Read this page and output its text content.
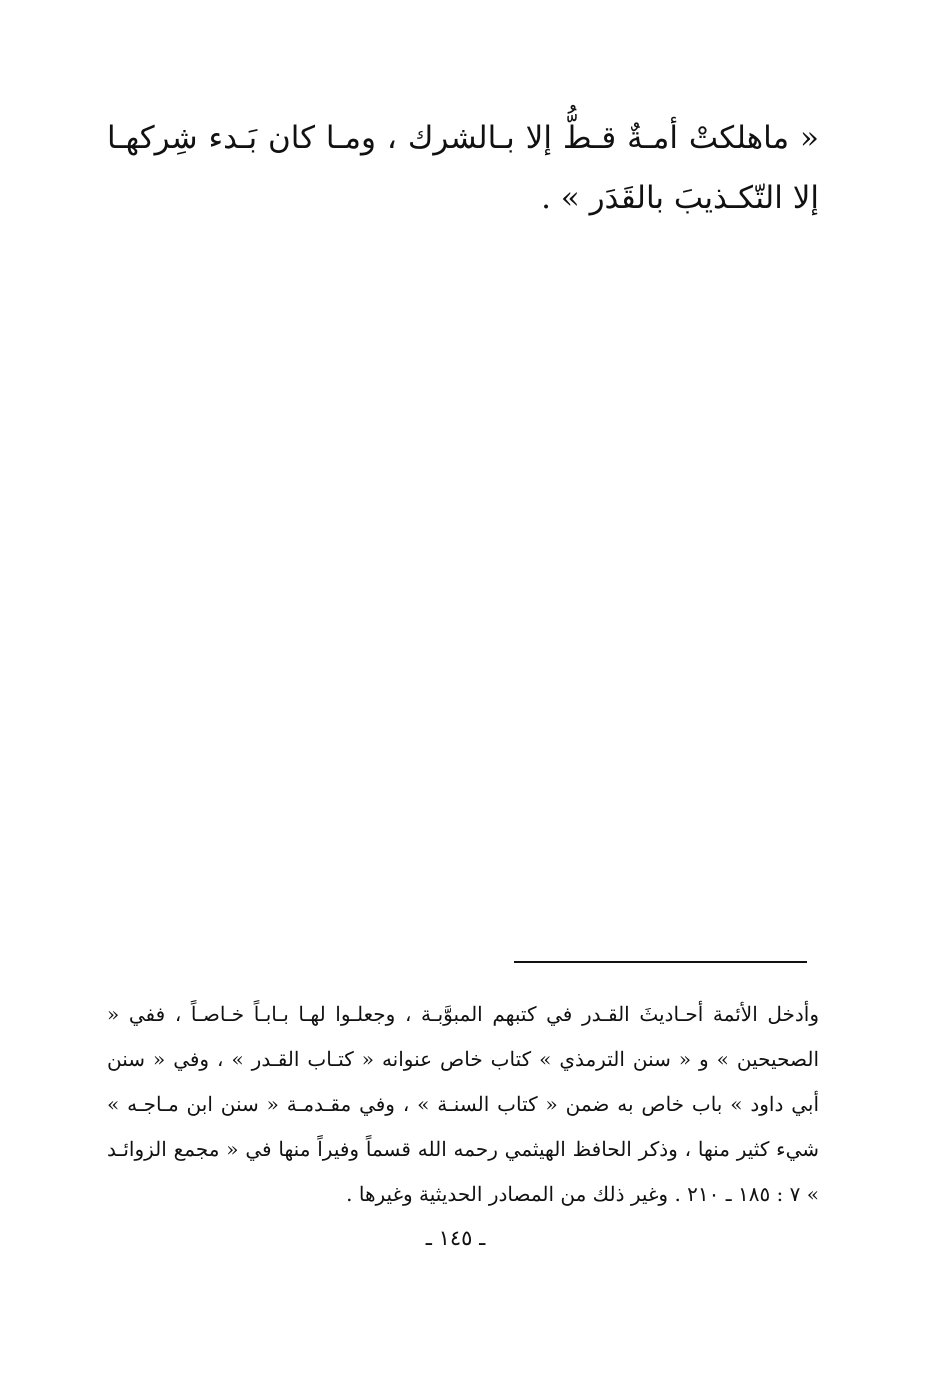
« ماهلكتْ أمـةٌ قـطُّ إلا بـالشرك ، ومـا كان بَـدء شِركهـا إلا التّكـذيبَ بالقَدَر » .

وأدخل الأئمة أحـاديثَ القـدر في كتبهم المبوَّبـة ، وجعلـوا لهـا بـابـاً خـاصـاً ، ففي « الصحيحين » و « سنن الترمذي » كتاب خاص عنوانه « كتـاب القـدر » ، وفي « سنن أبي داود » باب خاص به ضمن « كتاب السنـة » ، وفي مقـدمـة « سنن ابن مـاجـه » شيء كثير منها ، وذكر الحافظ الهيثمي رحمه الله قسماً وفيراً منها في « مجمع الزوائـد » ٧ : ١٨٥ ـ ٢١٠ . وغير ذلك من المصادر الحديثية وغيرها .

ـ ١٤٥ ـ
